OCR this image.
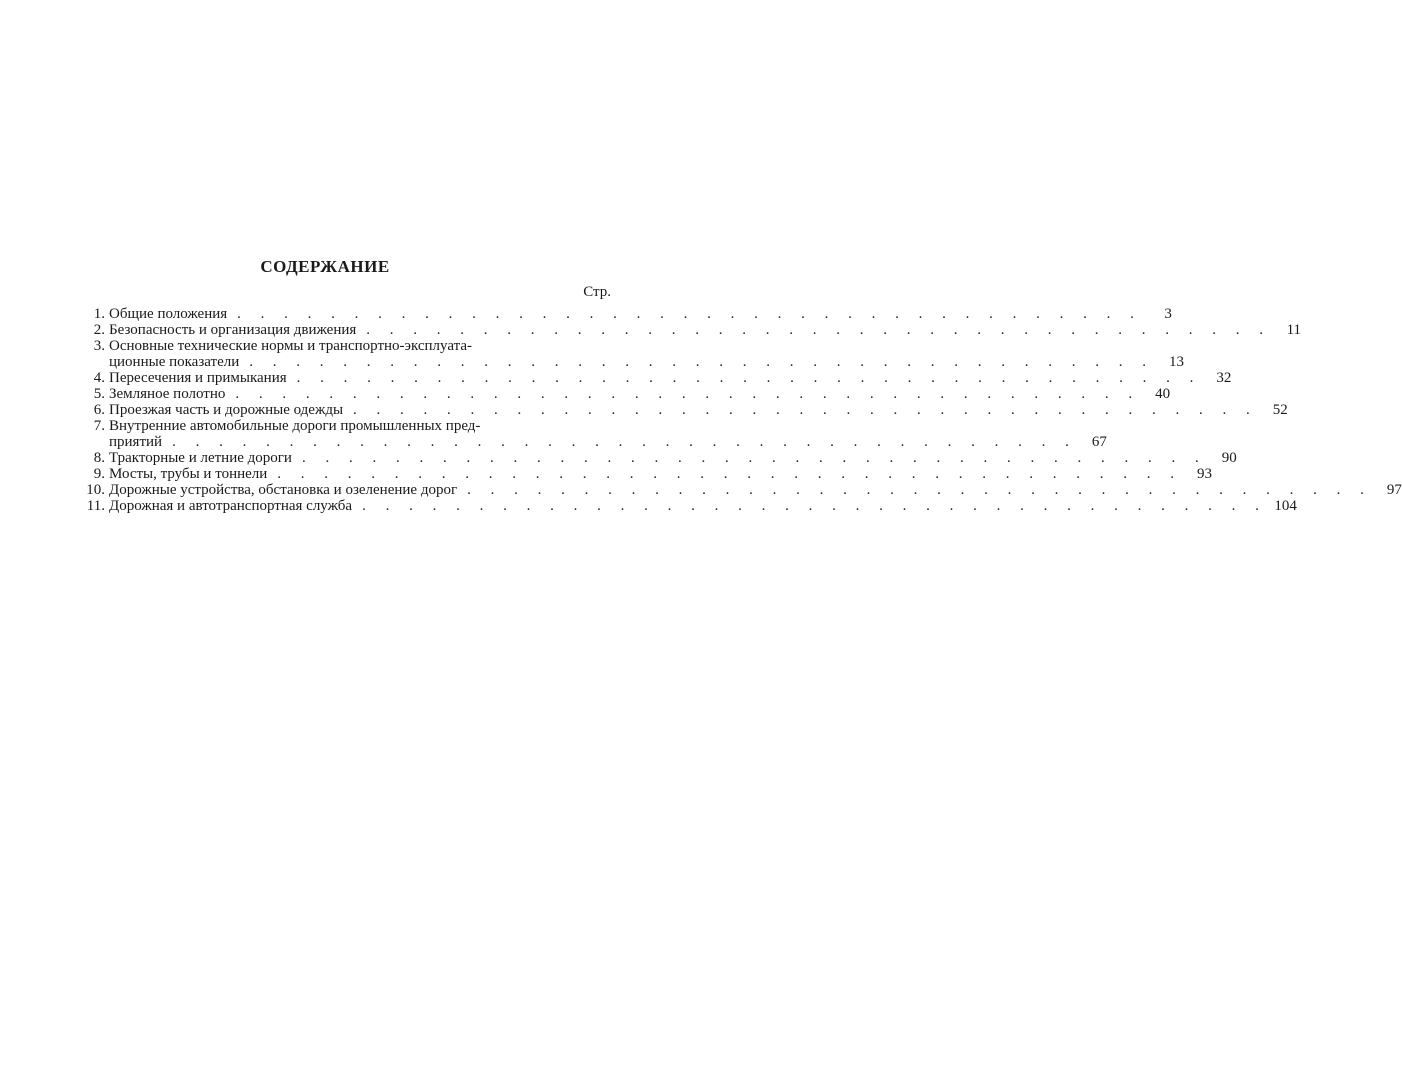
СОДЕРЖАНИЕ
Стр.
1. Общие положения . . . . . . . . . . . . . . . . . . . . . . . . . . . . . . . . . . . . . . .	3
2. Безопасность и организация движения . . . . . . . . . . . . . . . . . . . . . . . . . . . . . . . . . . . . . . .	11
3. Основные технические нормы и транспортно-эксплуата-
ционные показатели . . . . . . . . . . . . . . . . . . . . . . . . . . . . . . . . . . . . . . .	13
4. Пересечения и примыкания . . . . . . . . . . . . . . . . . . . . . . . . . . . . . . . . . . . . . . .	32
5. Земляное полотно . . . . . . . . . . . . . . . . . . . . . . . . . . . . . . . . . . . . . . .	40
6. Проезжая часть и дорожные одежды . . . . . . . . . . . . . . . . . . . . . . . . . . . . . . . . . . . . . . .	52
7. Внутренние автомобильные дороги промышленных пред-
приятий . . . . . . . . . . . . . . . . . . . . . . . . . . . . . . . . . . . . . . .	67
8. Тракторные и летние дороги . . . . . . . . . . . . . . . . . . . . . . . . . . . . . . . . . . . . . . .	90
9. Мосты, трубы и тоннели . . . . . . . . . . . . . . . . . . . . . . . . . . . . . . . . . . . . . . .	93
10. Дорожные устройства, обстановка и озеленение дорог . . . . . . . . . . . . . . . . . . . . . . . . . . . . . . . . . . . . . . .	97
11. Дорожная и автотранспортная служба . . . . . . . . . . . . . . . . . . . . . . . . . . . . . . . . . . . . . . . 104
